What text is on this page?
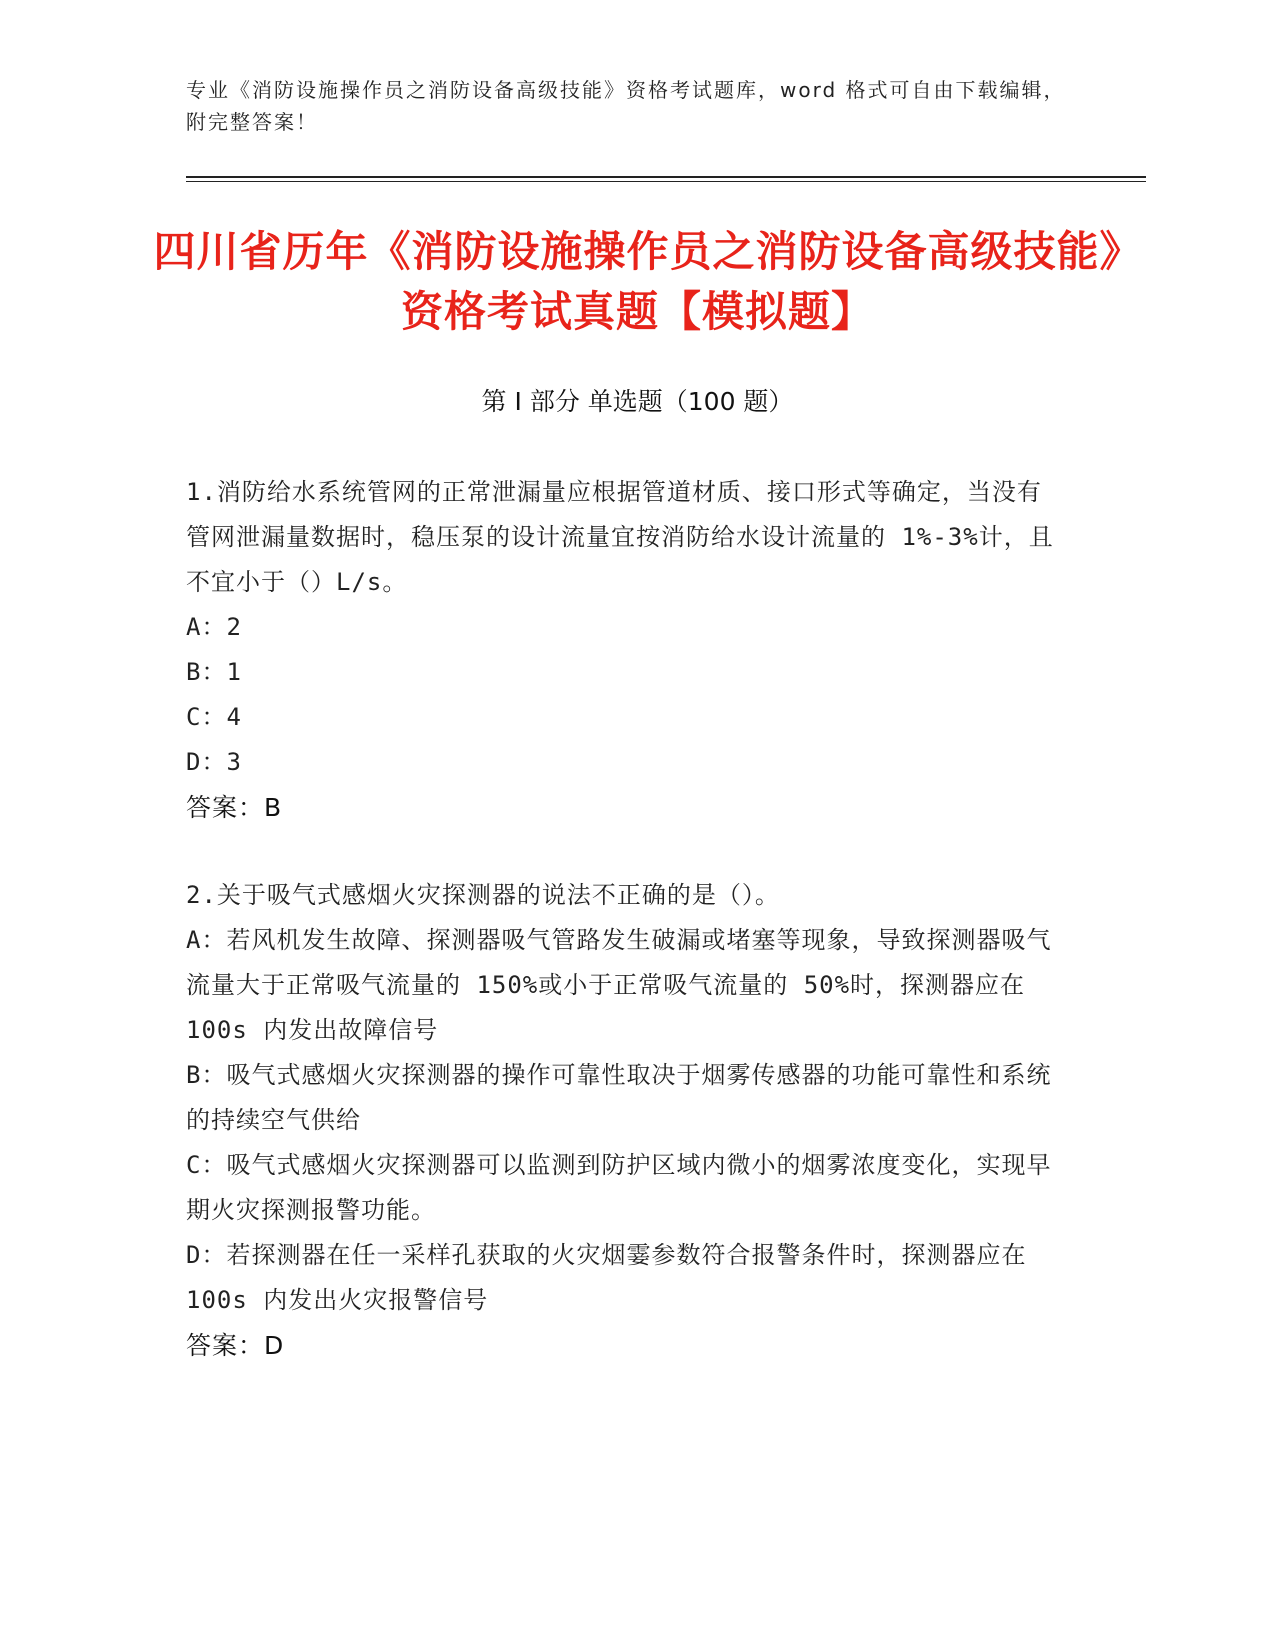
专业《消防设施操作员之消防设备高级技能》资格考试题库，word 格式可自由下载编辑，附完整答案！
四川省历年《消防设施操作员之消防设备高级技能》资格考试真题【模拟题】
第 I 部分 单选题（100 题）

1.消防给水系统管网的正常泄漏量应根据管道材质、接口形式等确定，当没有管网泄漏量数据时，稳压泵的设计流量宜按消防给水设计流量的 1%-3%计，且不宜小于（）L/s。

A：2

B：1

C：4

D：3

答案：B

2.关于吸气式感烟火灾探测器的说法不正确的是（）。

A：若风机发生故障、探测器吸气管路发生破漏或堵塞等现象，导致探测器吸气流量大于正常吸气流量的 150%或小于正常吸气流量的 50%时，探测器应在 100s 内发出故障信号

B：吸气式感烟火灾探测器的操作可靠性取决于烟雾传感器的功能可靠性和系统的持续空气供给

C：吸气式感烟火灾探测器可以监测到防护区域内微小的烟雾浓度变化，实现早期火灾探测报警功能。

D：若探测器在任一采样孔获取的火灾烟霎参数符合报警条件时，探测器应在 100s 内发出火灾报警信号

答案：D
